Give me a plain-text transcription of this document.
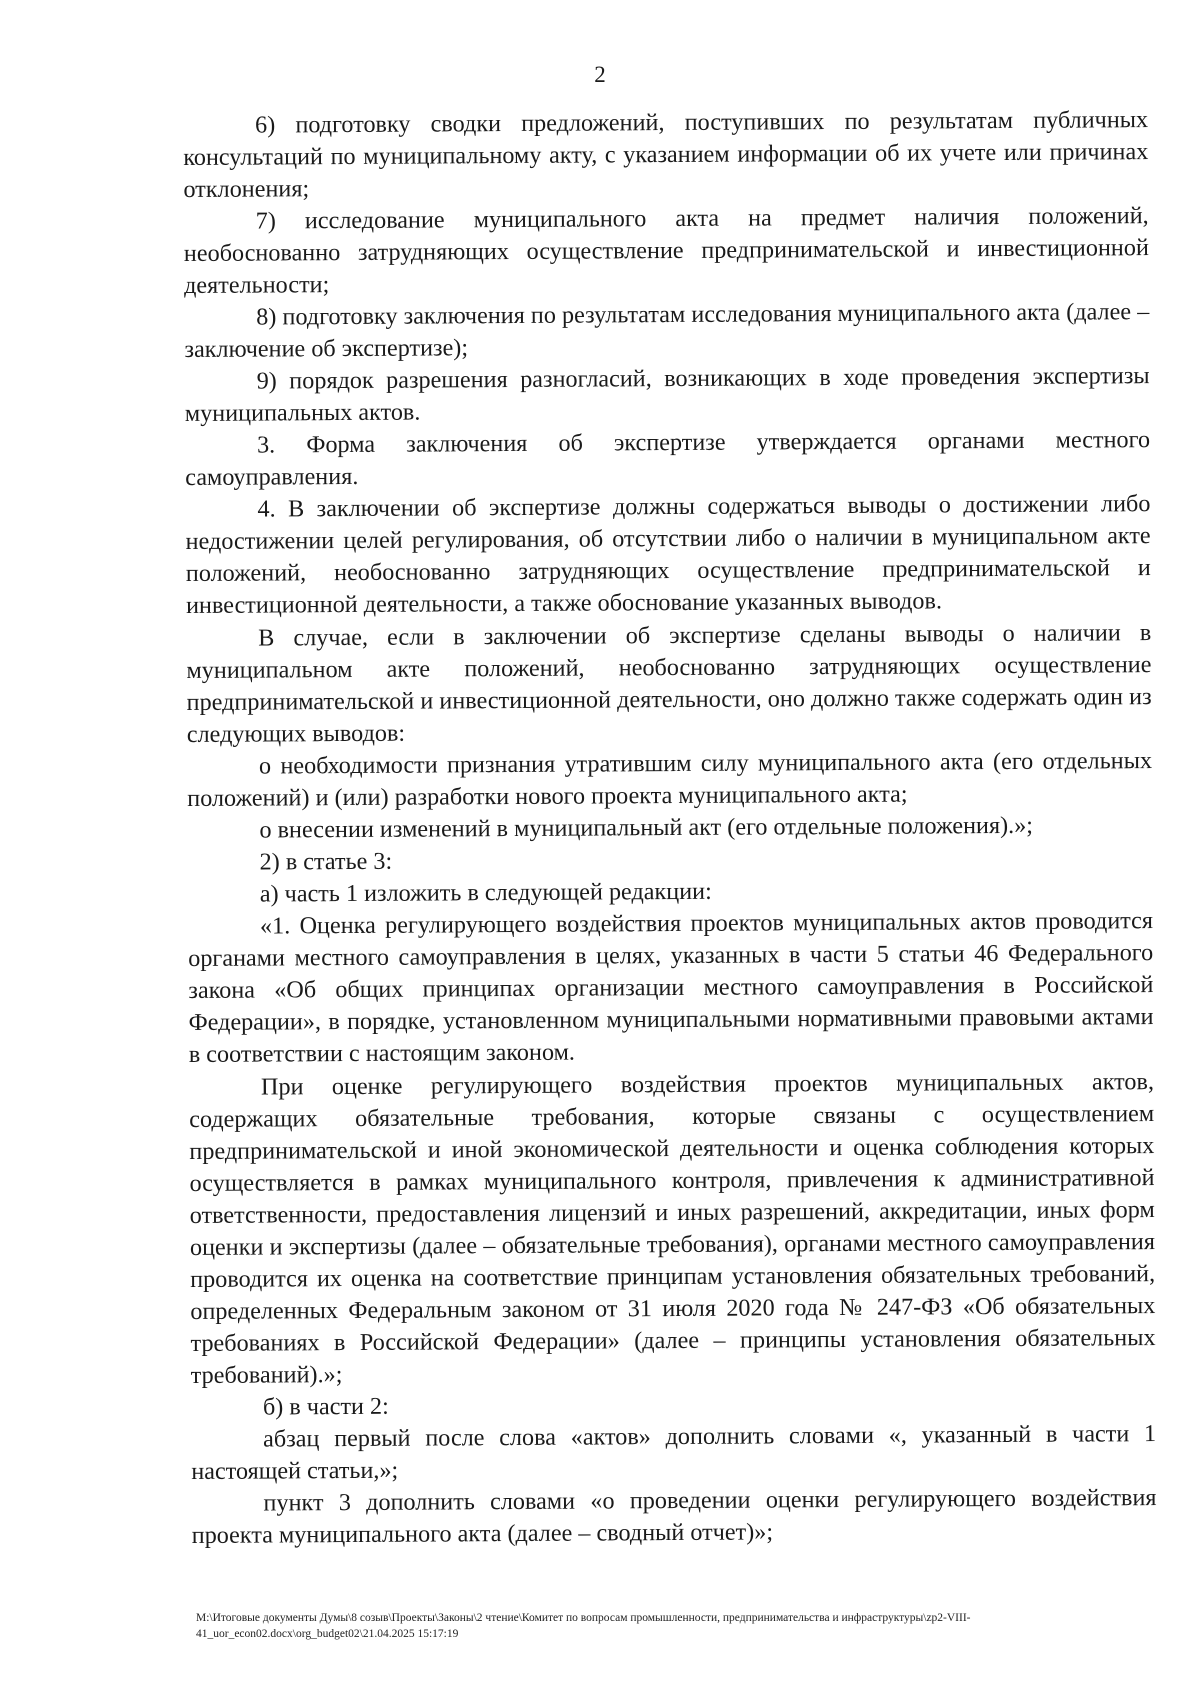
2

6) подготовку сводки предложений, поступивших по результатам публичных консультаций по муниципальному акту, с указанием информации об их учете или причинах отклонения;

7) исследование муниципального акта на предмет наличия положений, необоснованно затрудняющих осуществление предпринимательской и инвестиционной деятельности;

8) подготовку заключения по результатам исследования муниципального акта (далее – заключение об экспертизе);

9) порядок разрешения разногласий, возникающих в ходе проведения экспертизы муниципальных актов.

3. Форма заключения об экспертизе утверждается органами местного самоуправления.

4. В заключении об экспертизе должны содержаться выводы о достижении либо недостижении целей регулирования, об отсутствии либо о наличии в муниципальном акте положений, необоснованно затрудняющих осуществление предпринимательской и инвестиционной деятельности, а также обоснование указанных выводов.

В случае, если в заключении об экспертизе сделаны выводы о наличии в муниципальном акте положений, необоснованно затрудняющих осуществление предпринимательской и инвестиционной деятельности, оно должно также содержать один из следующих выводов:

о необходимости признания утратившим силу муниципального акта (его отдельных положений) и (или) разработки нового проекта муниципального акта;

о внесении изменений в муниципальный акт (его отдельные положения).»;

2) в статье 3:

а) часть 1 изложить в следующей редакции:

«1. Оценка регулирующего воздействия проектов муниципальных актов проводится органами местного самоуправления в целях, указанных в части 5 статьи 46 Федерального закона «Об общих принципах организации местного самоуправления в Российской Федерации», в порядке, установленном муниципальными нормативными правовыми актами в соответствии с настоящим законом.

При оценке регулирующего воздействия проектов муниципальных актов, содержащих обязательные требования, которые связаны с осуществлением предпринимательской и иной экономической деятельности и оценка соблюдения которых осуществляется в рамках муниципального контроля, привлечения к административной ответственности, предоставления лицензий и иных разрешений, аккредитации, иных форм оценки и экспертизы (далее – обязательные требования), органами местного самоуправления проводится их оценка на соответствие принципам установления обязательных требований, определенных Федеральным законом от 31 июля 2020 года № 247-ФЗ «Об обязательных требованиях в Российской Федерации» (далее – принципы установления обязательных требований).»;

б) в части 2:

абзац первый после слова «актов» дополнить словами «, указанный в части 1 настоящей статьи,»;

пункт 3 дополнить словами «о проведении оценки регулирующего воздействия проекта муниципального акта (далее – сводный отчет)»;

М:\Итоговые документы Думы\8 созыв\Проекты\Законы\2 чтение\Комитет по вопросам промышленности, предпринимательства и инфраструктуры\zp2-VIII-41_uor_econ02.docx\org_budget02\21.04.2025 15:17:19
